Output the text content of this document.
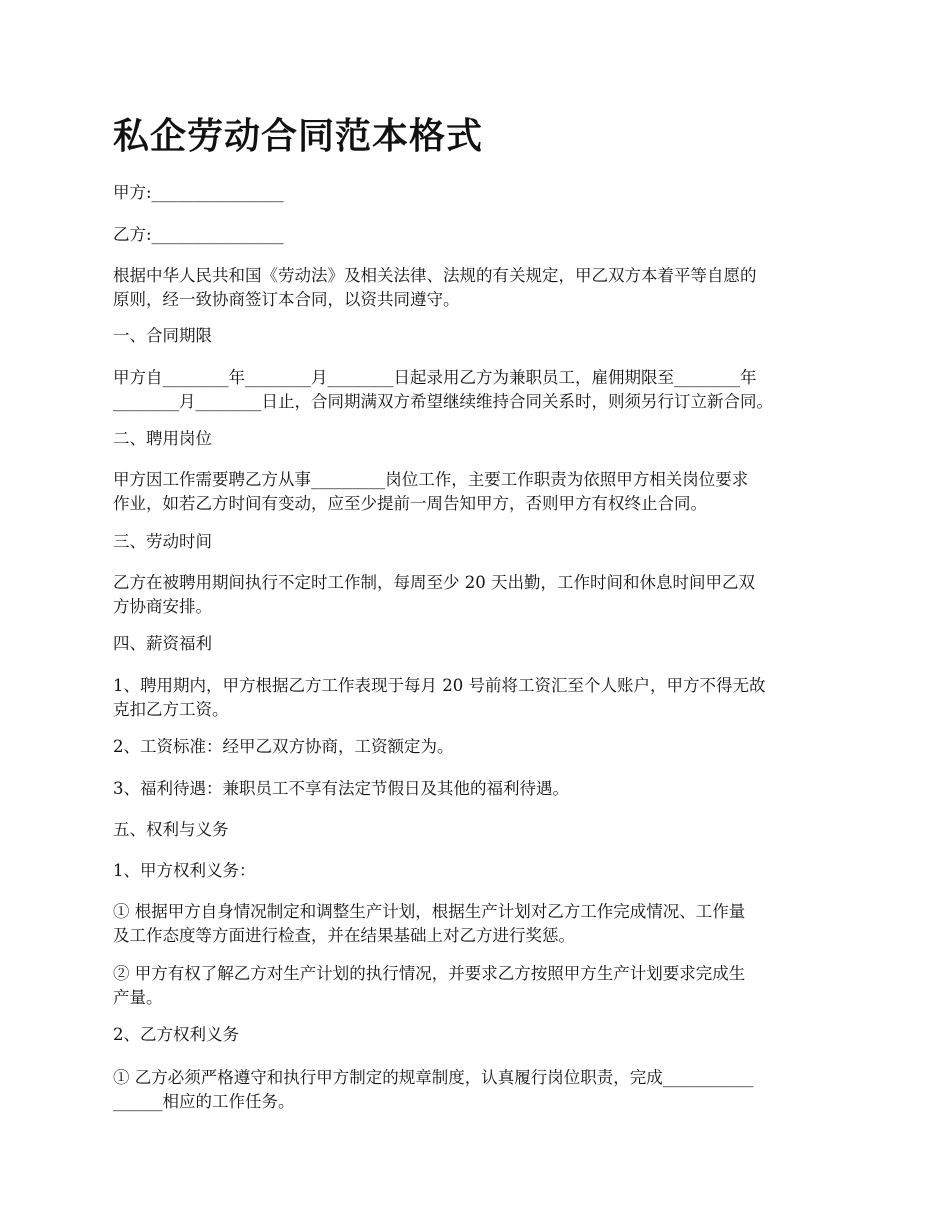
私企劳动合同范本格式

甲方:________________

乙方:________________

根据中华人民共和国《劳动法》及相关法律、法规的有关规定，甲乙双方本着平等自愿的
原则，经一致协商签订本合同，以资共同遵守。

一、合同期限

甲方自________年________月________日起录用乙方为兼职员工，雇佣期限至________年
________月________日止，合同期满双方希望继续维持合同关系时，则须另行订立新合同。

二、聘用岗位

甲方因工作需要聘乙方从事_________岗位工作，主要工作职责为依照甲方相关岗位要求
作业，如若乙方时间有变动，应至少提前一周告知甲方，否则甲方有权终止合同。

三、劳动时间

乙方在被聘用期间执行不定时工作制，每周至少 20 天出勤，工作时间和休息时间甲乙双
方协商安排。

四、薪资福利

1、聘用期内，甲方根据乙方工作表现于每月 20 号前将工资汇至个人账户，甲方不得无故
克扣乙方工资。

2、工资标准：经甲乙双方协商，工资额定为。

3、福利待遇：兼职员工不享有法定节假日及其他的福利待遇。

五、权利与义务

1、甲方权利义务：

① 根据甲方自身情况制定和调整生产计划，根据生产计划对乙方工作完成情况、工作量
及工作态度等方面进行检查，并在结果基础上对乙方进行奖惩。

② 甲方有权了解乙方对生产计划的执行情况，并要求乙方按照甲方生产计划要求完成生
产量。

2、乙方权利义务

① 乙方必须严格遵守和执行甲方制定的规章制度，认真履行岗位职责，完成___________
______相应的工作任务。
